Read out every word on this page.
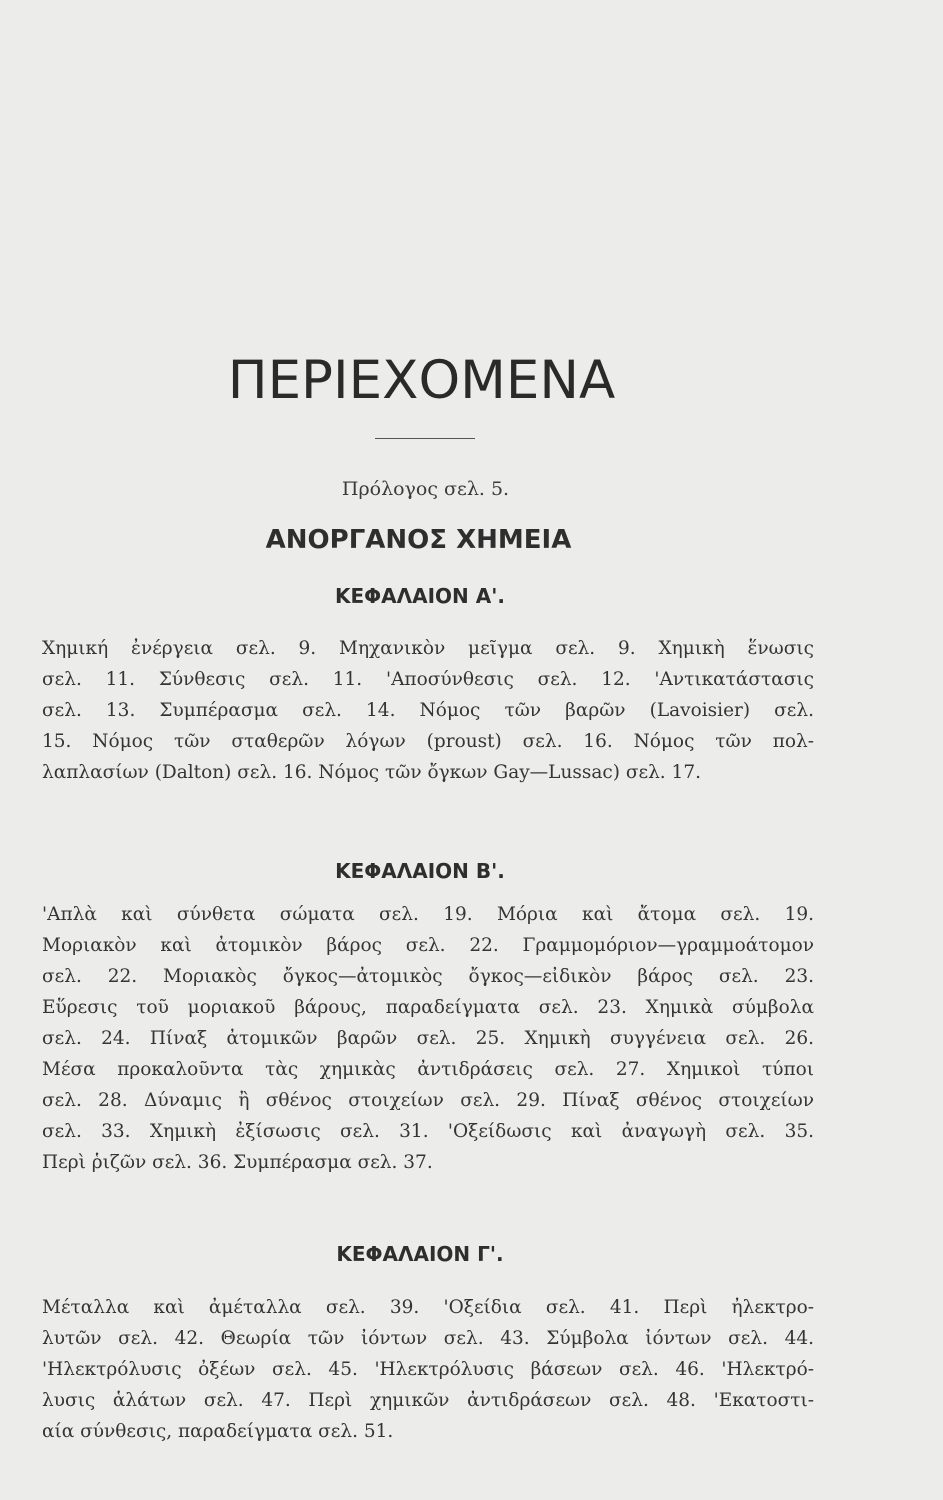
ΠΕΡΙΕΧΟΜΕΝΑ
Πρόλογος σελ. 5.
ΑΝΟΡΓΑΝΟΣ ΧΗΜΕΙΑ
ΚΕΦΑΛΑΙΟΝ Α'.
Χημική ἐνέργεια σελ. 9. Μηχανικὸν μεῖγμα σελ. 9. Χημικὴ ἕνωσις
σελ. 11. Σύνθεσις σελ. 11. 'Αποσύνθεσις σελ. 12. 'Αντικατάστασις
σελ. 13. Συμπέρασμα σελ. 14. Νόμος τῶν βαρῶν (Lavoisier) σελ.
15. Νόμος τῶν σταθερῶν λόγων (proust) σελ. 16. Νόμος τῶν πολ-
λαπλασίων (Dalton) σελ. 16. Νόμος τῶν ὄγκων Gay—Lussac) σελ. 17.
ΚΕΦΑΛΑΙΟΝ Β'.
'Απλὰ καὶ σύνθετα σώματα σελ. 19. Μόρια καὶ ἄτομα σελ. 19.
Μοριακὸν καὶ ἀτομικὸν βάρος σελ. 22. Γραμμομόριον—γραμμοάτομον
σελ. 22. Μοριακὸς ὄγκος—ἀτομικὸς ὄγκος—εἰδικὸν βάρος σελ. 23.
Εὕρεσις τοῦ μοριακοῦ βάρους, παραδείγματα σελ. 23. Χημικὰ σύμβολα
σελ. 24. Πίναξ ἀτομικῶν βαρῶν σελ. 25. Χημικὴ συγγένεια σελ. 26.
Μέσα προκαλοῦντα τὰς χημικὰς ἀντιδράσεις σελ. 27. Χημικοὶ τύποι
σελ. 28. Δύναμις ἢ σθένος στοιχείων σελ. 29. Πίναξ σθένος στοιχείων
σελ. 33. Χημικὴ ἐξίσωσις σελ. 31. 'Οξείδωσις καὶ ἀναγωγὴ σελ. 35.
Περὶ ῥιζῶν σελ. 36. Συμπέρασμα σελ. 37.
ΚΕΦΑΛΑΙΟΝ Γ'.
Μέταλλα καὶ ἀμέταλλα σελ. 39. 'Οξείδια σελ. 41. Περὶ ἠλεκτρο-
λυτῶν σελ. 42. Θεωρία τῶν ἰόντων σελ. 43. Σύμβολα ἰόντων σελ. 44.
'Ηλεκτρόλυσις ὀξέων σελ. 45. 'Ηλεκτρόλυσις βάσεων σελ. 46. 'Ηλεκτρό-
λυσις ἁλάτων σελ. 47. Περὶ χημικῶν ἀντιδράσεων σελ. 48. 'Εκατοστι-
αία σύνθεσις, παραδείγματα σελ. 51.
